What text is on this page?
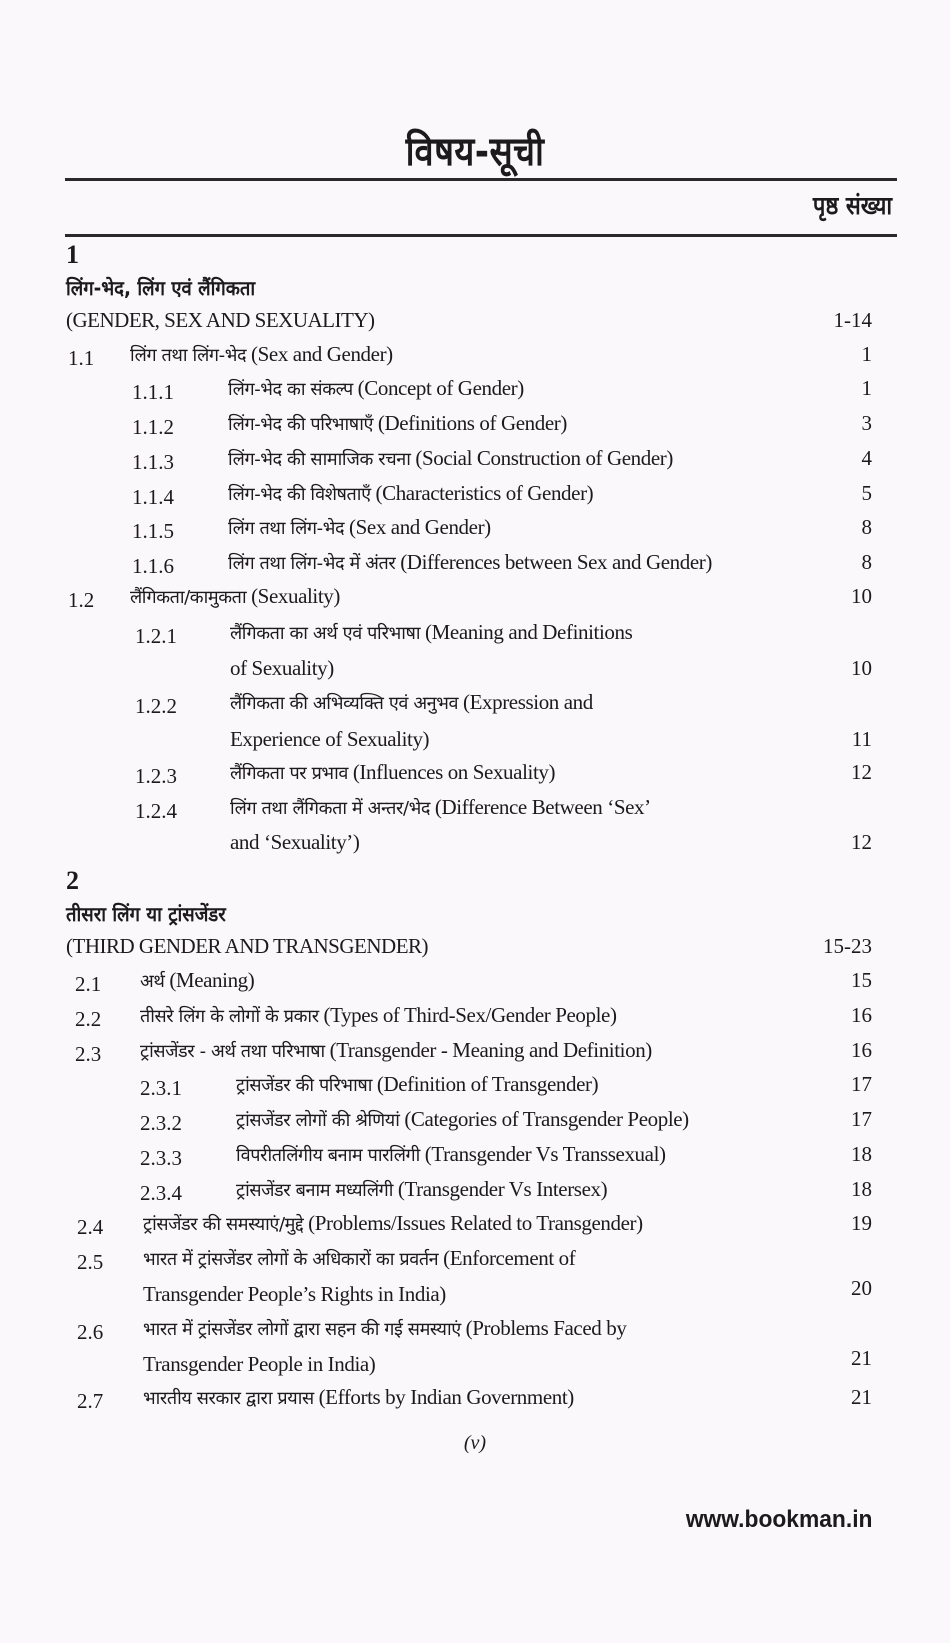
विषय-सूची
पृष्ठ संख्या
1
लिंग-भेद, लिंग एवं लैंगिकता
(GENDER, SEX AND SEXUALITY)	1-14
1.1 लिंग तथा लिंग-भेद (Sex and Gender)	1
1.1.1	लिंग-भेद का संकल्प (Concept of Gender)	1
1.1.2	लिंग-भेद की परिभाषाएँ (Definitions of Gender)	3
1.1.3	लिंग-भेद की सामाजिक रचना (Social Construction of Gender)	4
1.1.4	लिंग-भेद की विशेषताएँ (Characteristics of Gender)	5
1.1.5	लिंग तथा लिंग-भेद (Sex and Gender)	8
1.1.6	लिंग तथा लिंग-भेद में अंतर (Differences between Sex and Gender)	8
1.2 लैंगिकता/कामुकता (Sexuality)	10
1.2.1	लैंगिकता का अर्थ एवं परिभाषा (Meaning and Definitions
of Sexuality)	10
1.2.2	लैंगिकता की अभिव्यक्ति एवं अनुभव (Expression and
Experience of Sexuality)	11
1.2.3	लैंगिकता पर प्रभाव (Influences on Sexuality)	12
1.2.4	लिंग तथा लैंगिकता में अन्तर/भेद (Difference Between ‘Sex’
and ‘Sexuality’)	12
2
तीसरा लिंग या ट्रांसजेंडर
(THIRD GENDER AND TRANSGENDER)	15-23
2.1 अर्थ (Meaning)	15
2.2 तीसरे लिंग के लोगों के प्रकार (Types of Third-Sex/Gender People)	16
2.3 ट्रांसजेंडर - अर्थ तथा परिभाषा (Transgender - Meaning and Definition)	16
2.3.1	ट्रांसजेंडर की परिभाषा (Definition of Transgender)	17
2.3.2	ट्रांसजेंडर लोगों की श्रेणियां (Categories of Transgender People)	17
2.3.3	विपरीतलिंगीय बनाम पारलिंगी (Transgender Vs Transsexual)	18
2.3.4	ट्रांसजेंडर बनाम मध्यलिंगी (Transgender Vs Intersex)	18
2.4 ट्रांसजेंडर की समस्याएं/मुद्दे (Problems/Issues Related to Transgender)	19
2.5 भारत में ट्रांसजेंडर लोगों के अधिकारों का प्रवर्तन (Enforcement of
Transgender People’s Rights in India)	20
2.6 भारत में ट्रांसजेंडर लोगों द्वारा सहन की गई समस्याएं (Problems Faced by
Transgender People in India)	21
2.7 भारतीय सरकार द्वारा प्रयास (Efforts by Indian Government)	21
(v)
www.bookman.in
